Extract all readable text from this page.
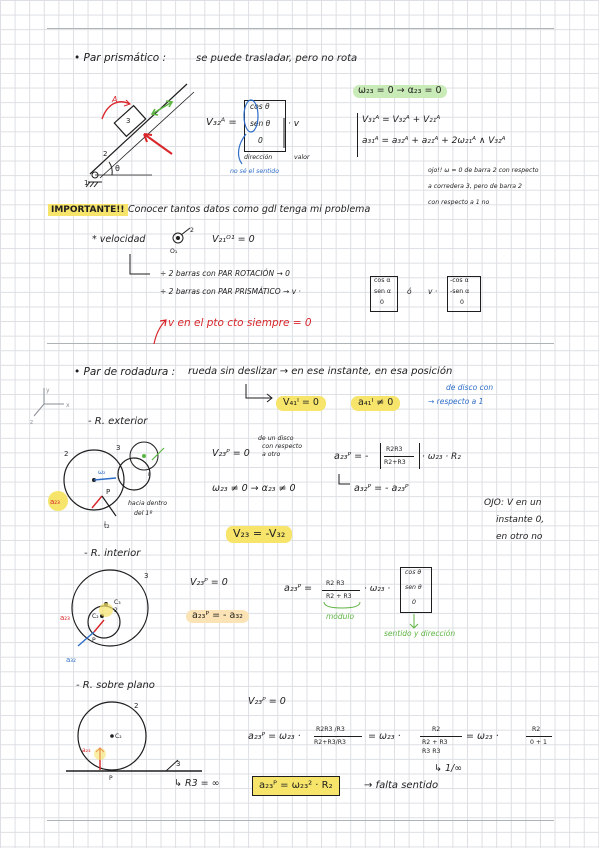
• Par prismático :	se puede trasladar, pero no rota
ω₂₃ = 0 → α₂₃ = 0
A
3
2
θ
1
V₃₂ᴬ =
cos θ
sen θ
0
· v
dirección	valor
no sé el sentido
V₃₁ᴬ = V₃₂ᴬ + V₂₁ᴬ
a₃₁ᴬ = a₃₂ᴬ + a₂₁ᴬ + 2ω₂₁ᴬ ∧ V₃₂ᴬ
ojo!! ω = 0 de barra 2 con respecto
a corredera 3, pero de barra 2
con respecto a 1 no
IMPORTANTE!! Conocer tantos datos como gdl tenga mi problema
* velocidad
2
O₁
V₂₁ᴼ¹ = 0
÷ 2 barras con PAR ROTACIÓN → 0
÷ 2 barras con PAR PRISMÁTICO → v ·
cos α
sen α
0
ó v ·
-cos α
-sen α
0
v en el pto cto siempre = 0
• Par de rodadura : rueda sin deslizar → en ese instante, en esa posición
V₄₁ᴵ = 0	a₄₁ᴵ ≠ 0
de disco con
→ respecto a 1
y
x
z	- R. exterior
3
2
P
a₂₃
ω₂
t̂₂
r
hacia dentro
del 1º
V₂₃ᴾ = 0
de un disco
con respecto
a otro	a₂₃ᴾ = -
R2R3
R2+R3
· ω₂₃ · R₂
ω₂₃ ≠ 0 → α₂₃ ≠ 0	a₃₂ᴾ = - a₂₃ᴾ
OJO: V en un
instante 0,
en otro no
V₂₃ = -V₃₂
- R. interior
3
2
C₂
C₃
P
a₂₃
a₃₂
V₂₃ᴾ = 0
a₂₃ᴾ = - a₃₂
a₂₃ᴾ = R2 R3
R2 + R3
· ω₂₃ ·
cos θ
sen θ
0
módulo
sentido y dirección
- R. sobre plano
2
3
C₂
P
a₂₃
↳ R3 = ∞
V₂₃ᴾ = 0
a₂₃ᴾ = ω₂₃ ·
R2R3 /R3
R2+R3/R3
= ω₂₃ ·
R2
R2 + R3
R3 R3
= ω₂₃ ·
R2
0 + 1
↳ 1/∞
a₂₃ᴾ = ω₂₃² · R₂	→ falta sentido
